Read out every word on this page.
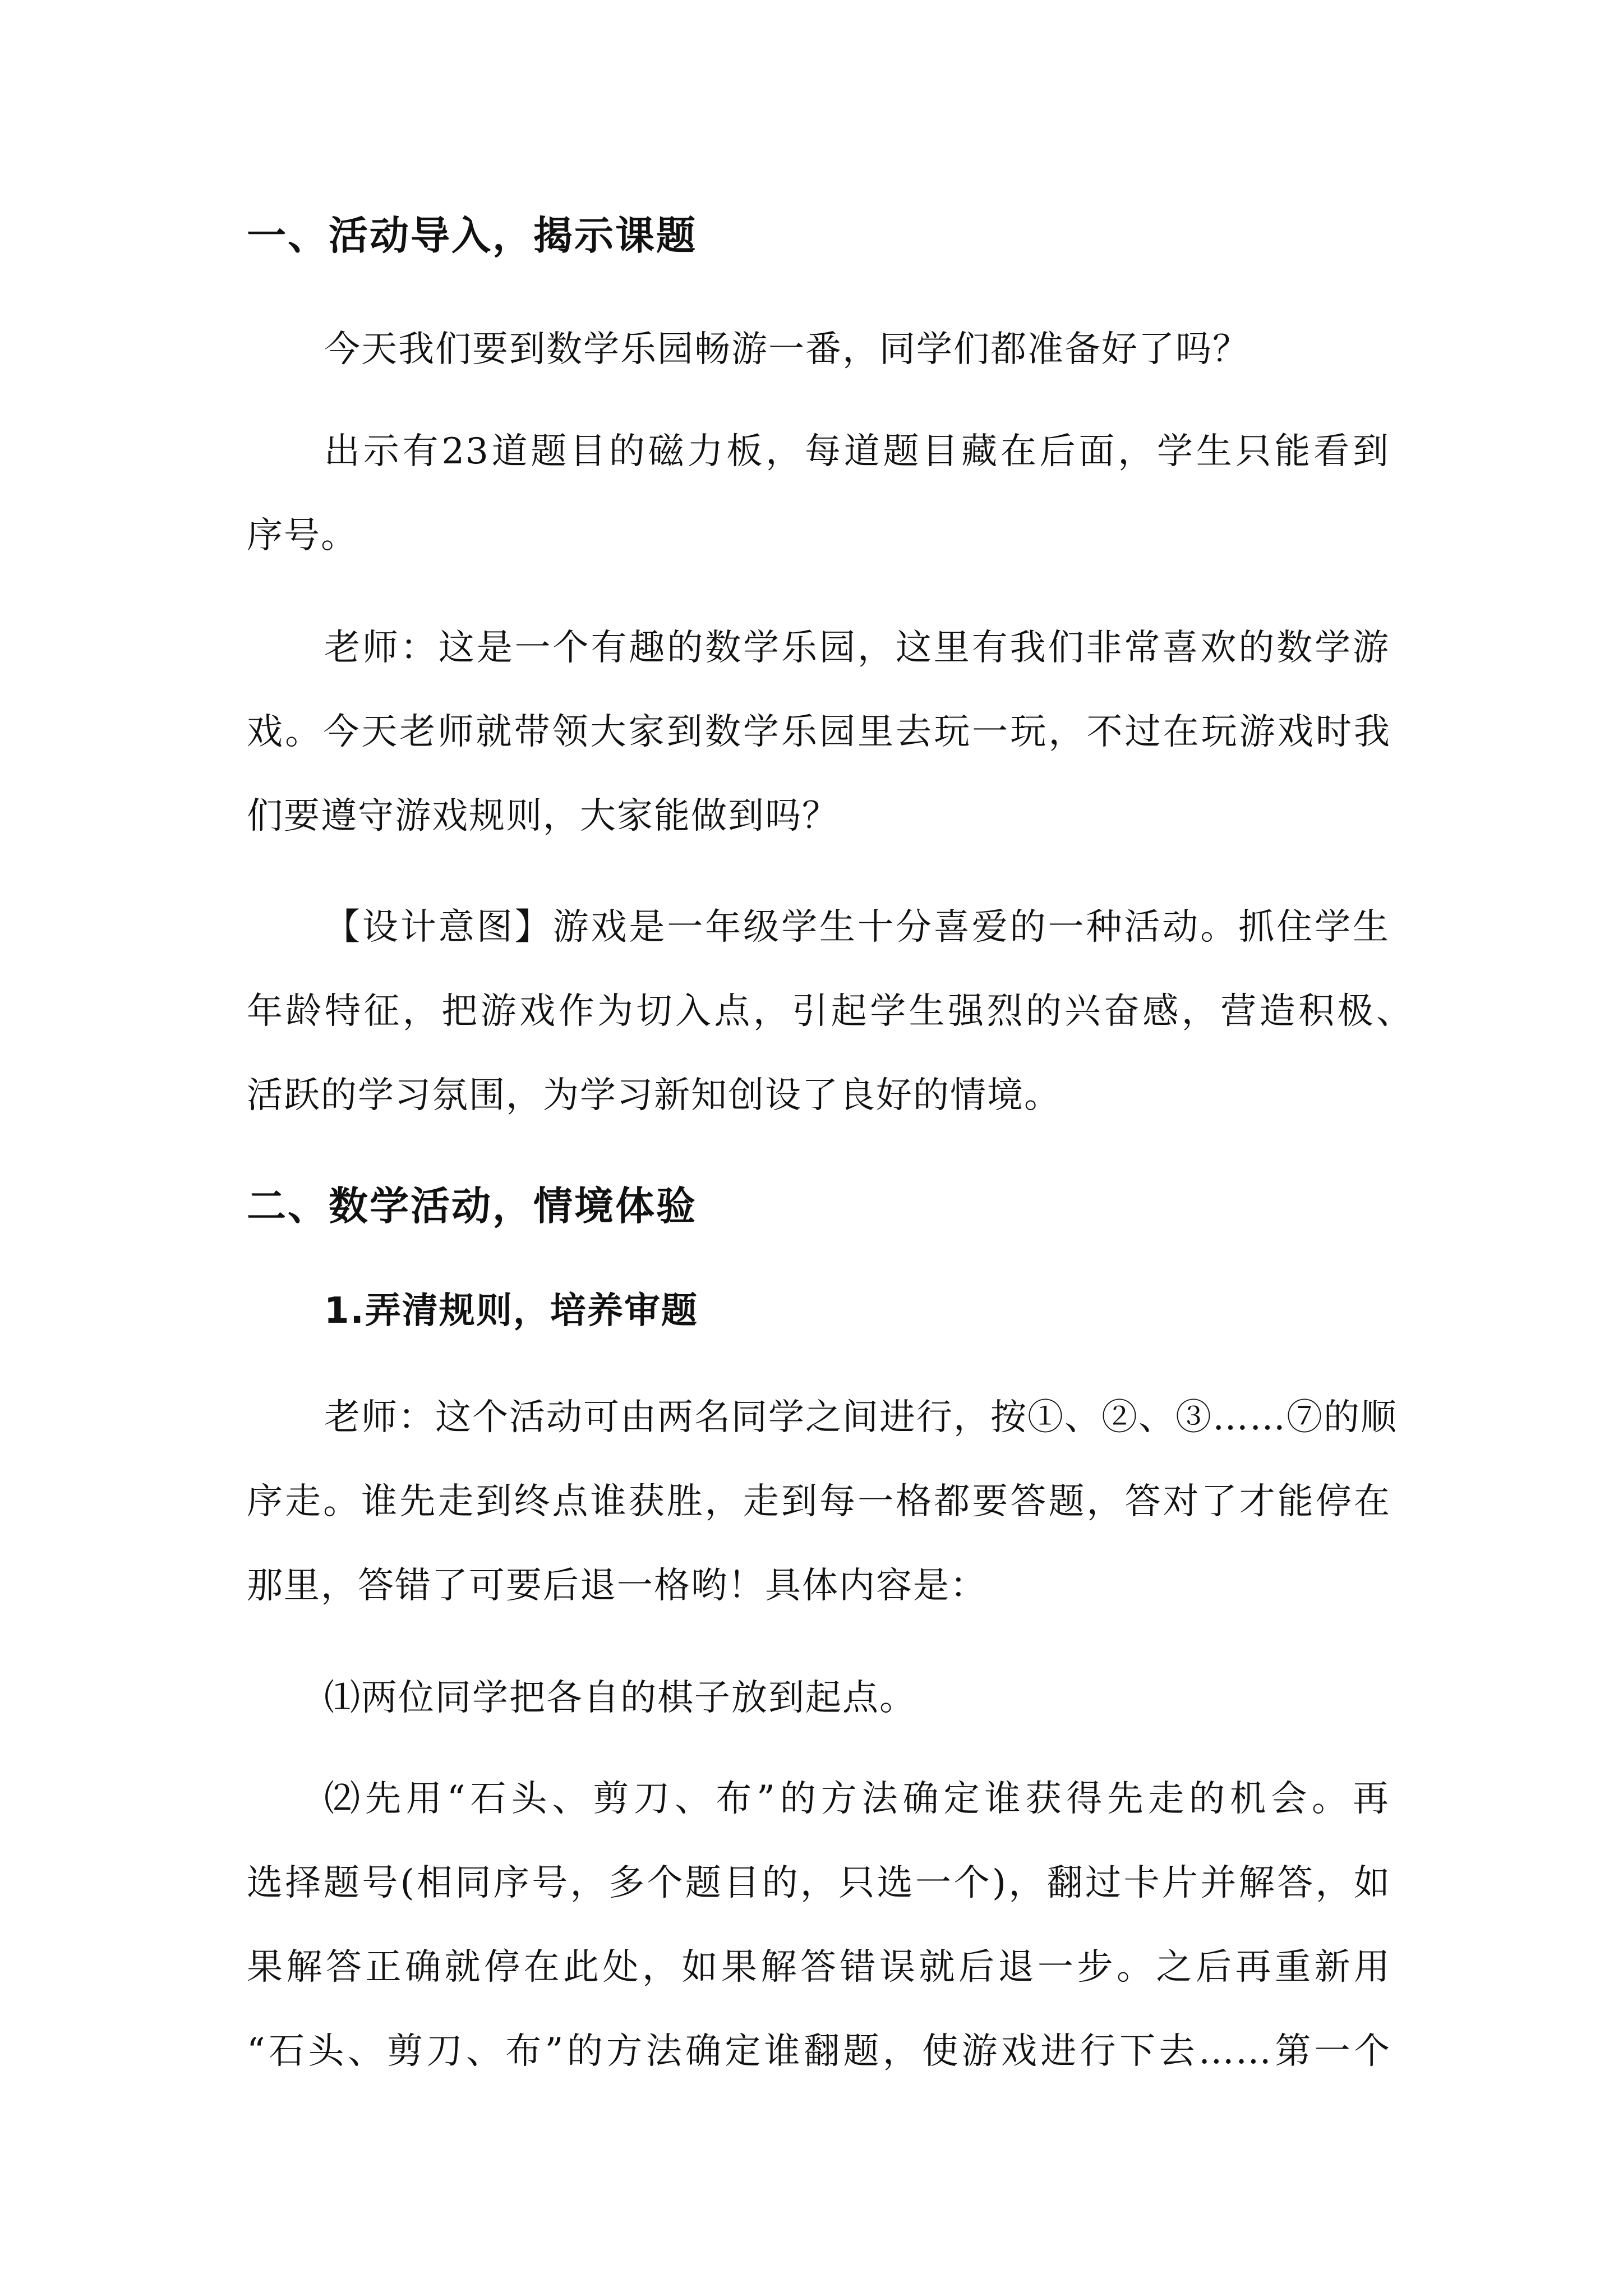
一、活动导入，揭示课题
今天我们要到数学乐园畅游一番，同学们都准备好了吗？
出示有23道题目的磁力板，每道题目藏在后面，学生只能看到
序号。
老师：这是一个有趣的数学乐园，这里有我们非常喜欢的数学游
戏。今天老师就带领大家到数学乐园里去玩一玩，不过在玩游戏时我
们要遵守游戏规则，大家能做到吗？
【设计意图】游戏是一年级学生十分喜爱的一种活动。抓住学生
年龄特征，把游戏作为切入点，引起学生强烈的兴奋感，营造积极、
活跃的学习氛围，为学习新知创设了良好的情境。
二、数学活动，情境体验
1.弄清规则，培养审题
老师：这个活动可由两名同学之间进行，按①、②、③……⑦的顺
序走。谁先走到终点谁获胜，走到每一格都要答题，答对了才能停在
那里，答错了可要后退一格哟！具体内容是：
⑴两位同学把各自的棋子放到起点。
⑵先用“石头、剪刀、布”的方法确定谁获得先走的机会。再
选择题号(相同序号，多个题目的，只选一个)，翻过卡片并解答，如
果解答正确就停在此处，如果解答错误就后退一步。之后再重新用
“石头、剪刀、布”的方法确定谁翻题，使游戏进行下去……第一个
